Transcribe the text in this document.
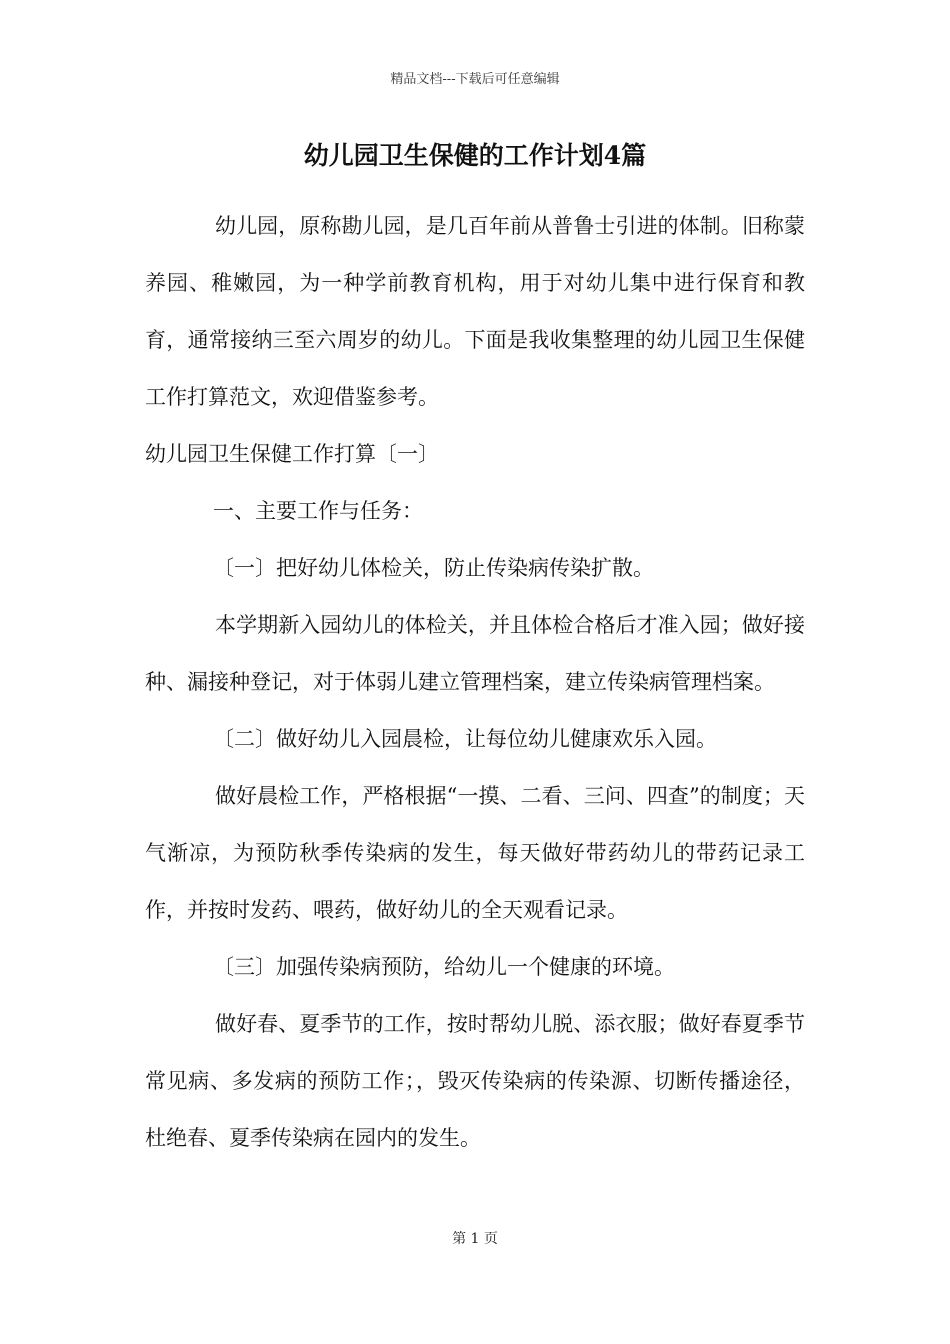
精品文档---下载后可任意编辑
幼儿园卫生保健的工作计划4篇

幼儿园，原称勘儿园，是几百年前从普鲁士引进的体制。旧称蒙养园、稚嫩园，为一种学前教育机构，用于对幼儿集中进行保育和教育，通常接纳三至六周岁的幼儿。下面是我收集整理的幼儿园卫生保健工作打算范文，欢迎借鉴参考。

幼儿园卫生保健工作打算〔一〕

一、主要工作与任务：

〔一〕把好幼儿体检关，防止传染病传染扩散。

本学期新入园幼儿的体检关，并且体检合格后才准入园；做好接种、漏接种登记，对于体弱儿建立管理档案，建立传染病管理档案。

〔二〕做好幼儿入园晨检，让每位幼儿健康欢乐入园。

做好晨检工作，严格根据“一摸、二看、三问、四查”的制度；天气渐凉，为预防秋季传染病的发生，每天做好带药幼儿的带药记录工作，并按时发药、喂药，做好幼儿的全天观看记录。

〔三〕加强传染病预防，给幼儿一个健康的环境。

做好春、夏季节的工作，按时帮幼儿脱、添衣服；做好春夏季节常见病、多发病的预防工作；，毁灭传染病的传染源、切断传播途径，杜绝春、夏季传染病在园内的发生。

第 1 页
